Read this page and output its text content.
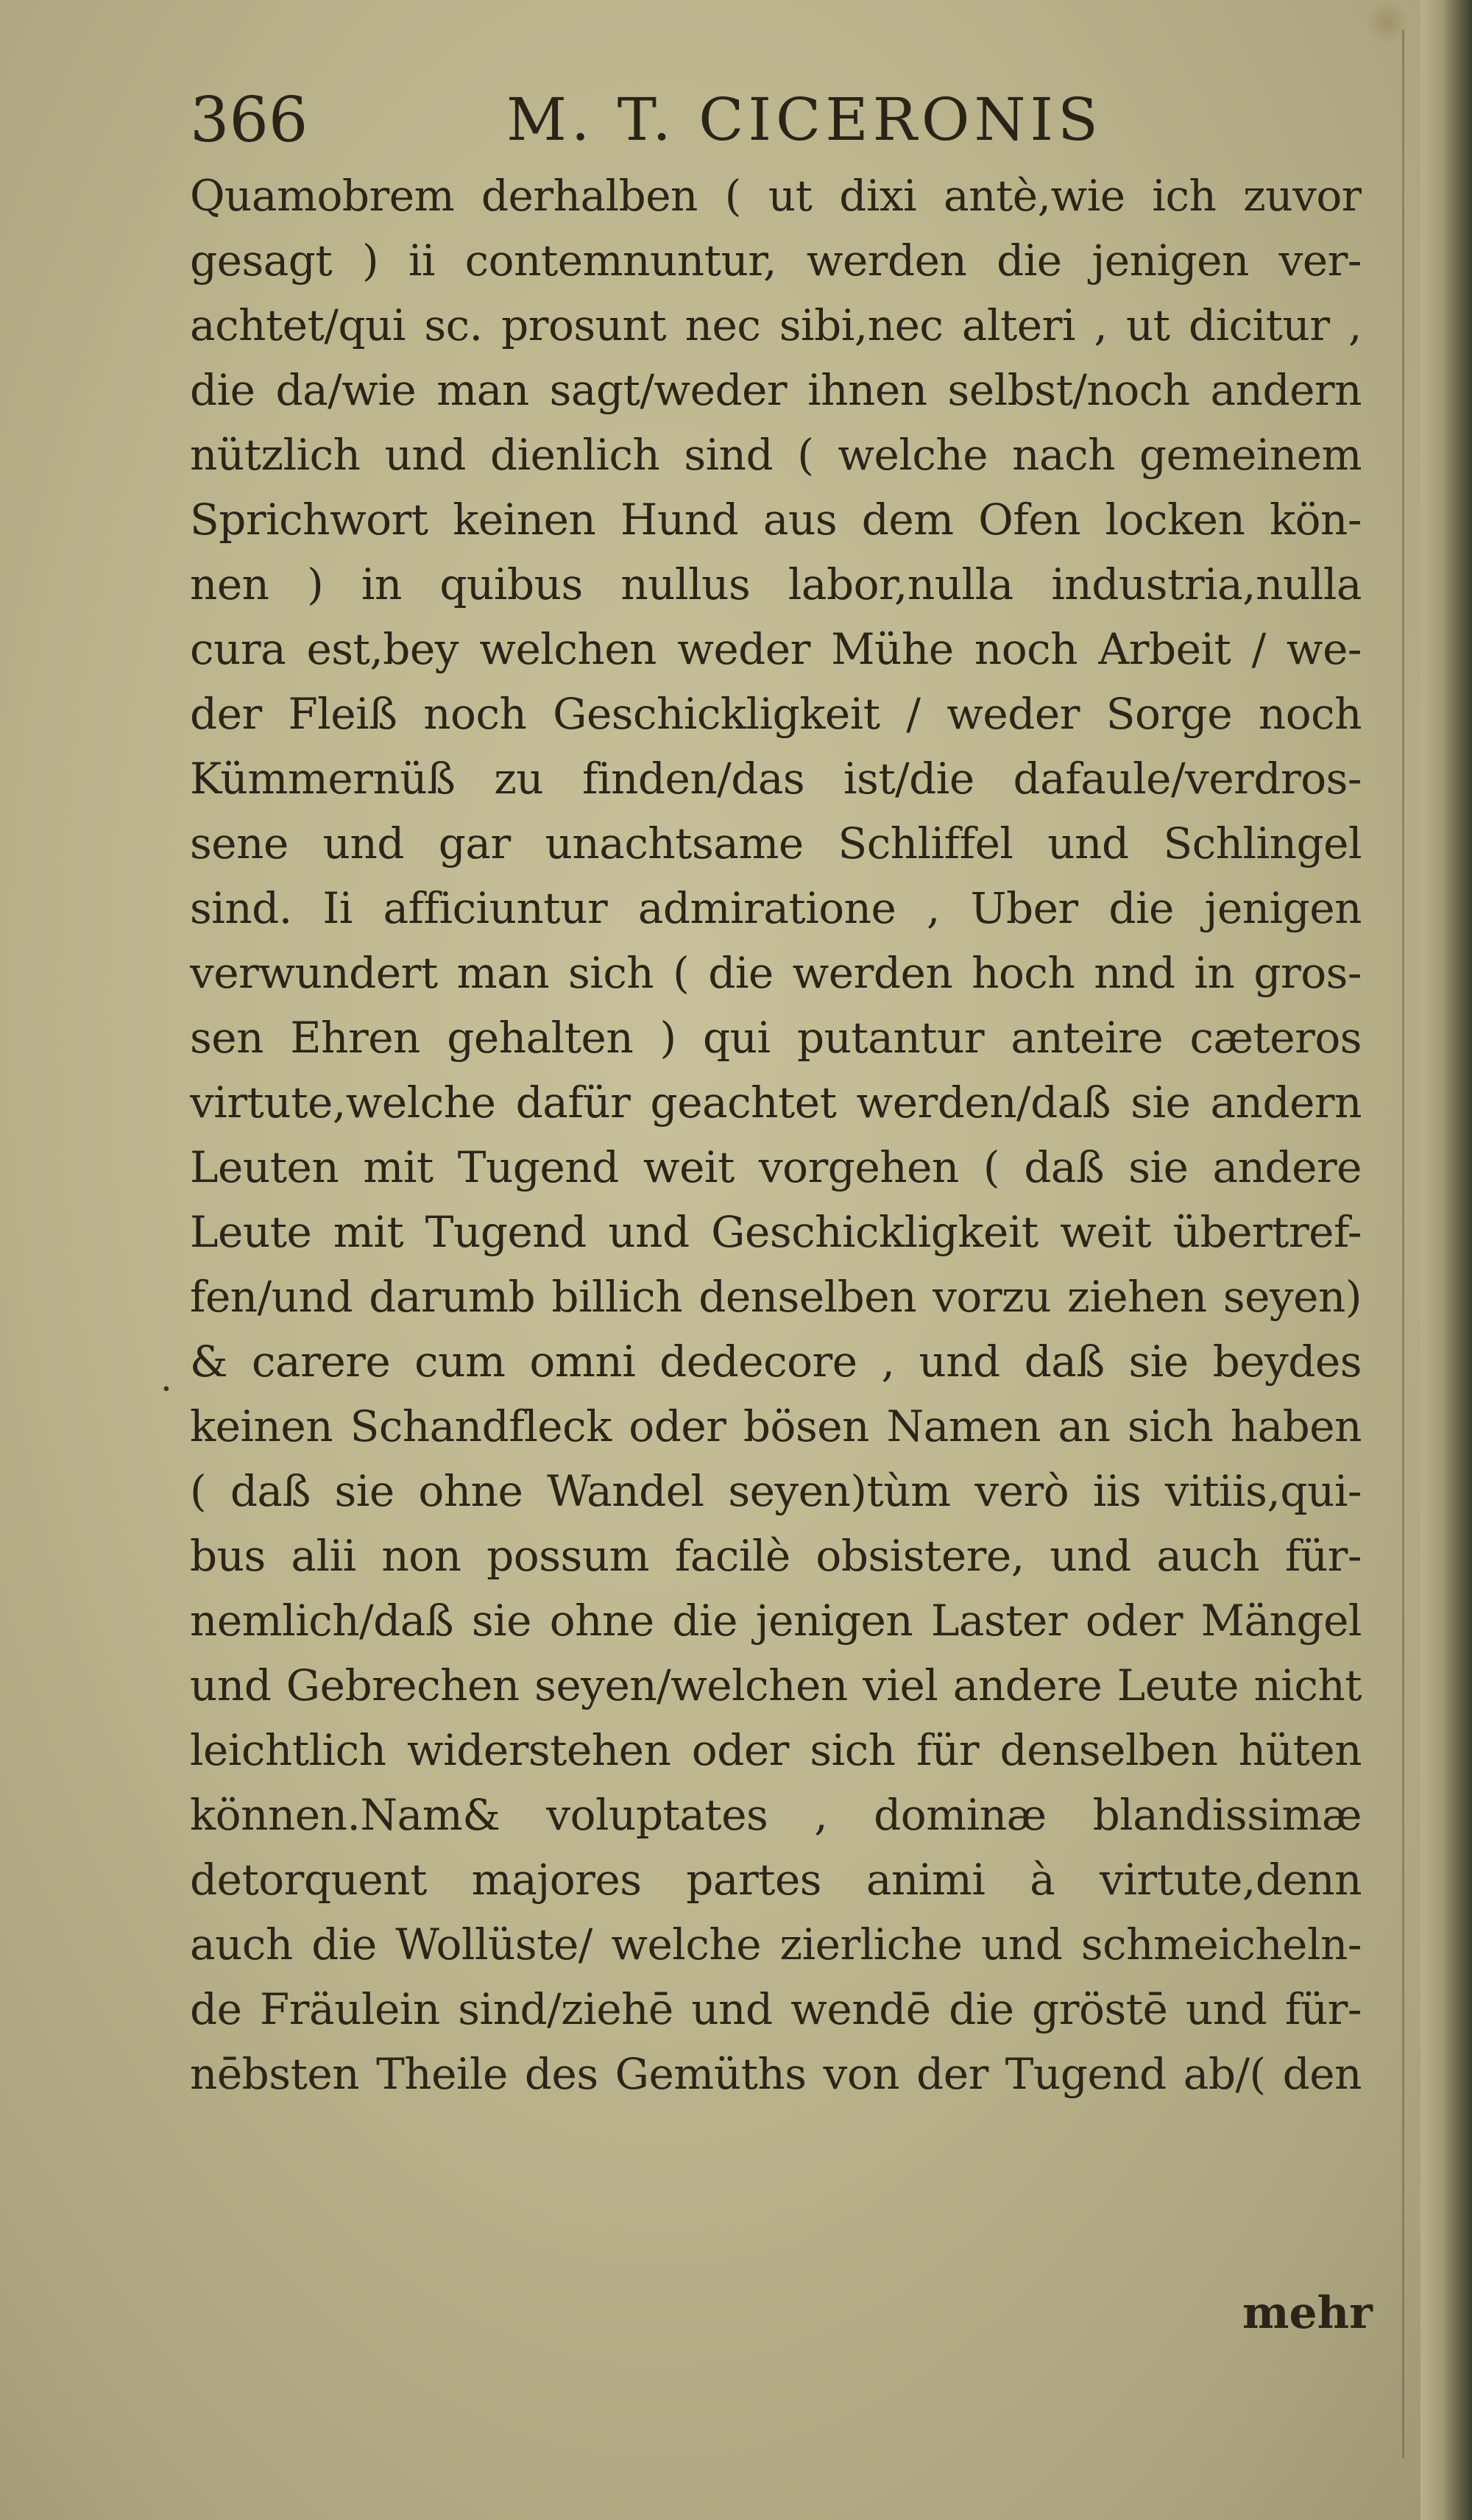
366	M. T. CICERONIS
·
Quamobrem derhalben ( ut dixi antè,wie ich zuvor
gesagt ) ii contemnuntur, werden die jenigen ver-
achtet/qui sc. prosunt nec sibi,nec alteri , ut dicitur ,
die da/wie man sagt/weder ihnen selbst/noch andern
nützlich und dienlich sind ( welche nach gemeinem
Sprichwort keinen Hund aus dem Ofen locken kön-
nen ) in quibus nullus labor,nulla industria,nulla
cura est,bey welchen weder Mühe noch Arbeit / we-
der Fleiß noch Geschickligkeit / weder Sorge noch
Kümmernüß zu finden/das ist/die dafaule/verdros-
sene und gar unachtsame Schliffel und Schlingel
sind. Ii afficiuntur admiratione , Uber die jenigen
verwundert man sich ( die werden hoch nnd in gros-
sen Ehren gehalten ) qui putantur anteire cæteros
virtute,welche dafür geachtet werden/daß sie andern
Leuten mit Tugend weit vorgehen ( daß sie andere
Leute mit Tugend und Geschickligkeit weit übertref-
fen/und darumb billich denselben vorzu ziehen seyen)
& carere cum omni dedecore , und daß sie beydes
keinen Schandfleck oder bösen Namen an sich haben
( daß sie ohne Wandel seyen)tùm verò iis vitiis,qui-
bus alii non possum facilè obsistere, und auch für-
nemlich/daß sie ohne die jenigen Laster oder Mängel
und Gebrechen seyen/welchen viel andere Leute nicht
leichtlich widerstehen oder sich für denselben hüten
können.Nam& voluptates , dominæ blandissimæ
detorquent majores partes animi à virtute,denn
auch die Wollüste/ welche zierliche und schmeicheln-
de Fräulein sind/ziehē und wendē die gröstē und für-
nēbsten Theile des Gemüths von der Tugend ab/( den
mehr
